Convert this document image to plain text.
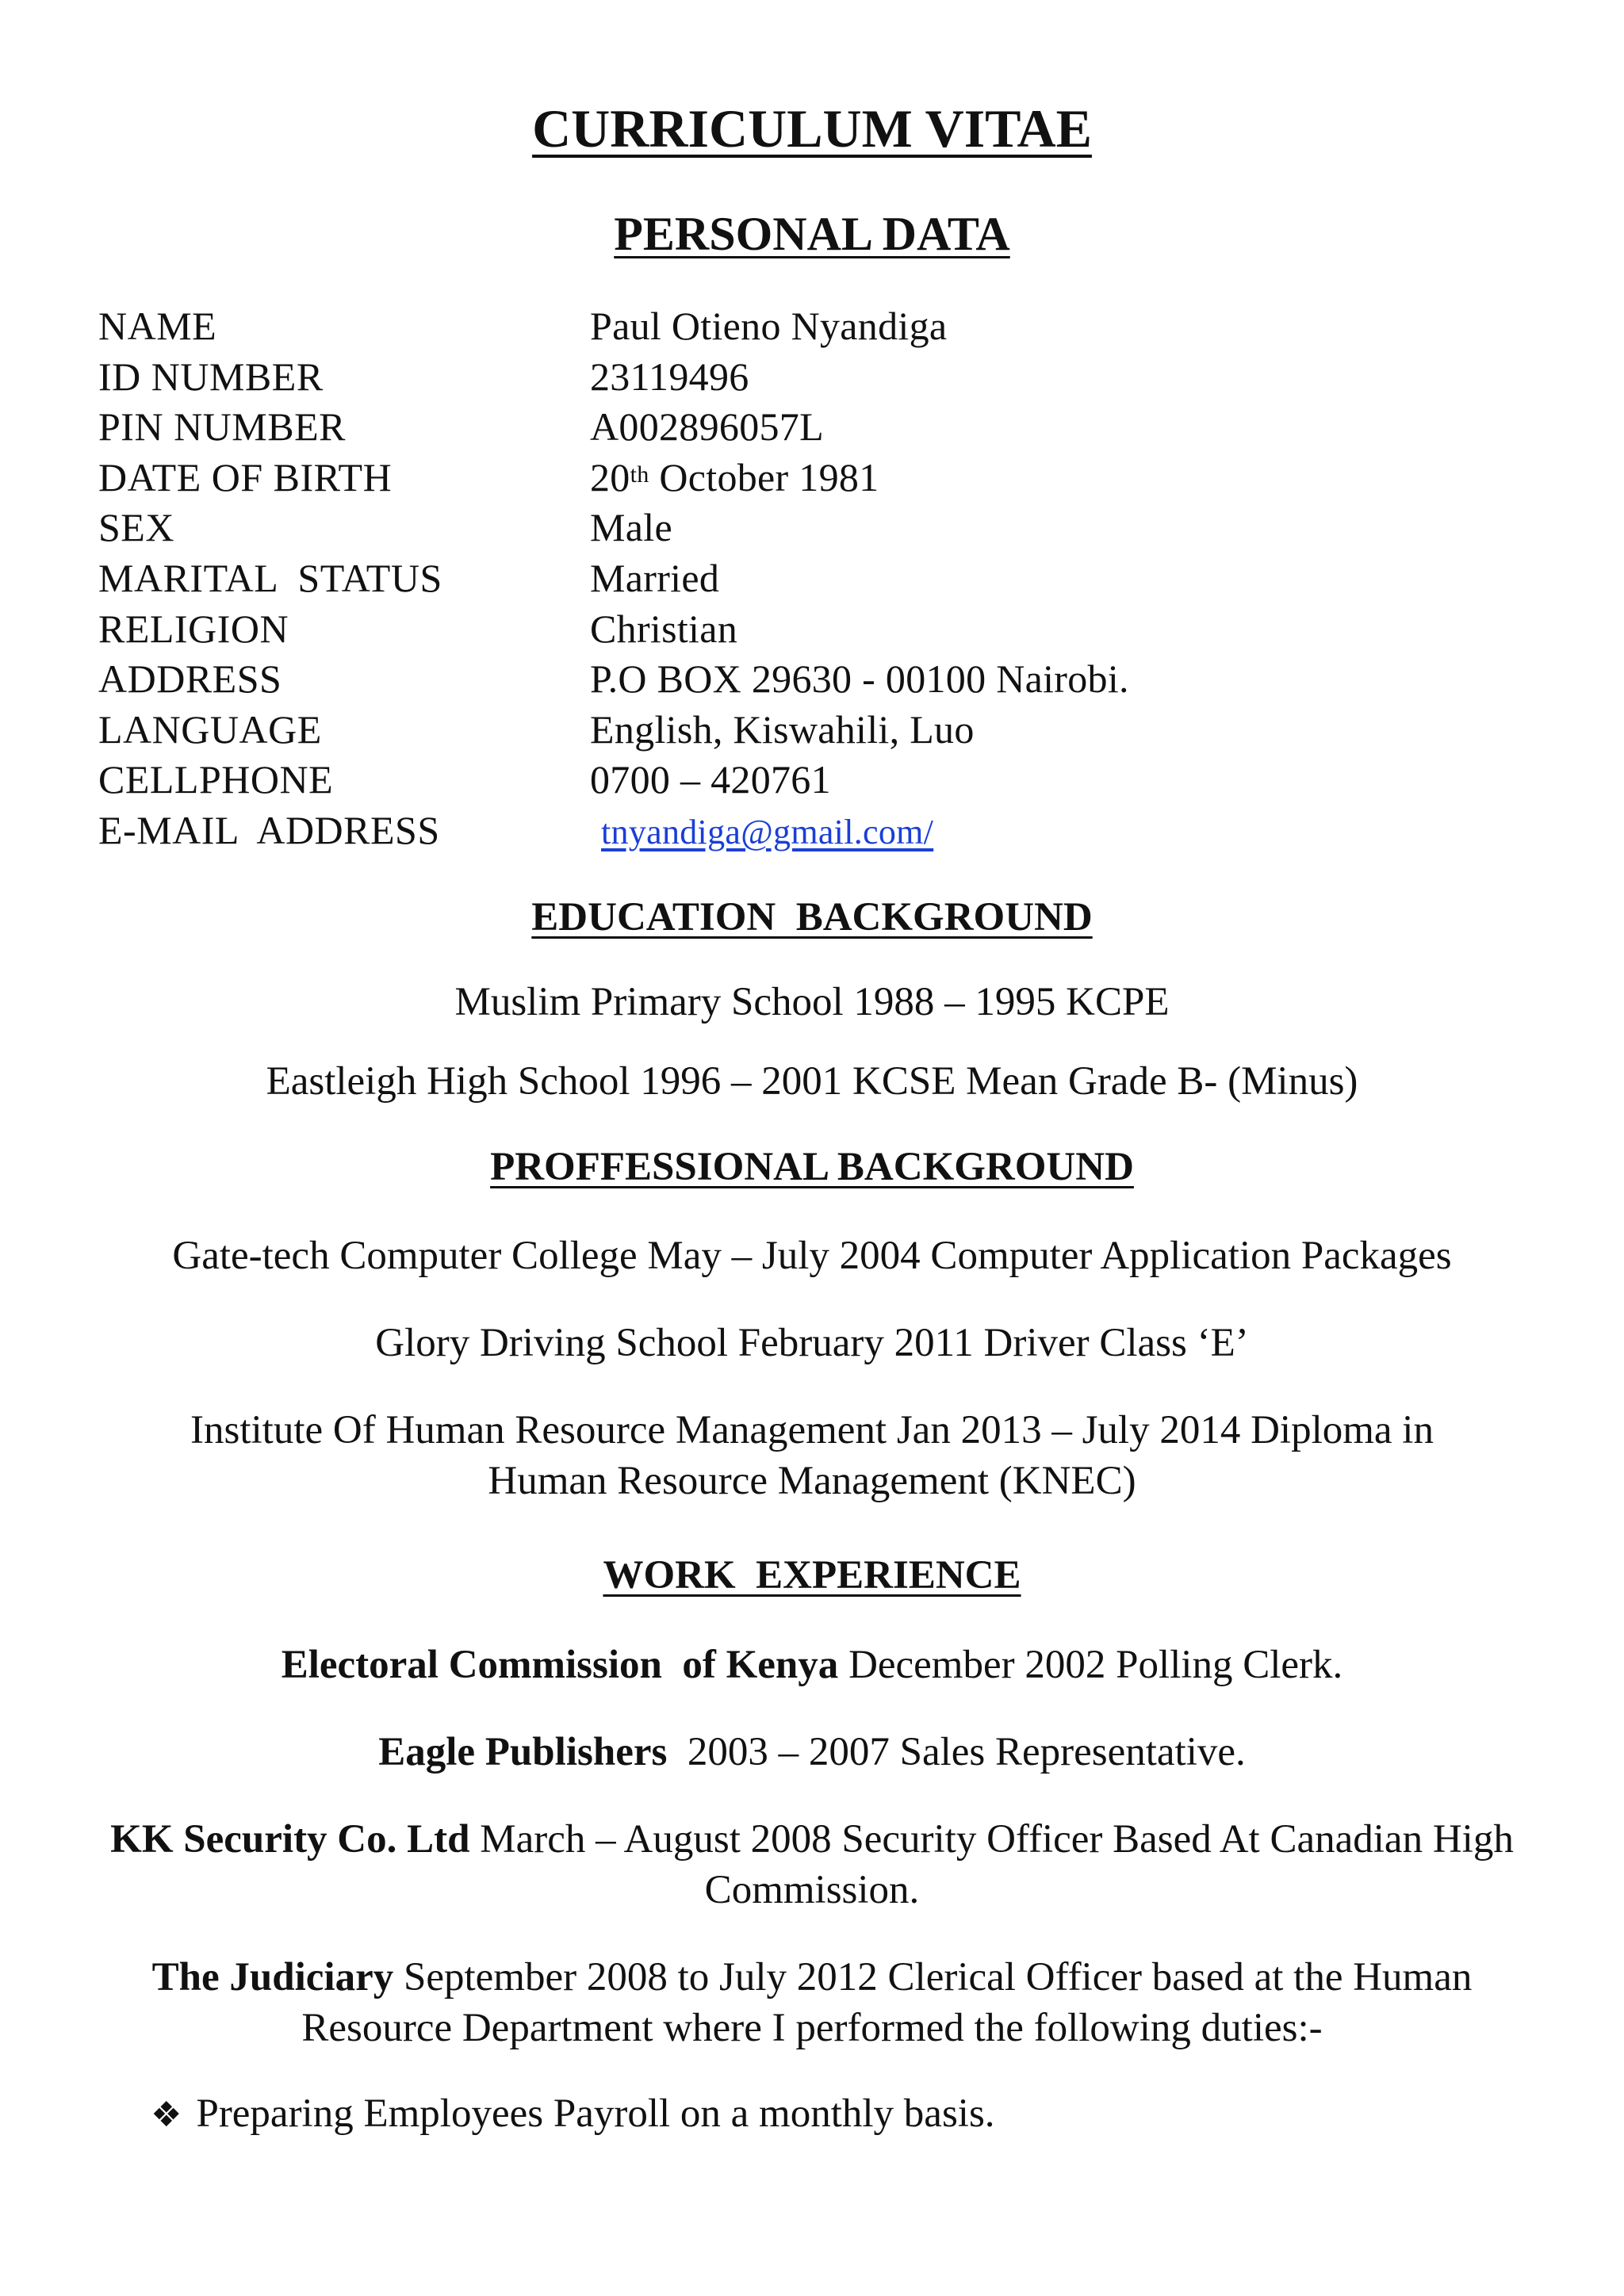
CURRICULUM VITAE
PERSONAL DATA
NAME	Paul Otieno Nyandiga
ID NUMBER	23119496
PIN NUMBER	A002896057L
DATE OF BIRTH	20th October 1981
SEX	Male
MARITAL  STATUS	Married
RELIGION	Christian
ADDRESS	P.O BOX 29630 - 00100 Nairobi.
LANGUAGE	English, Kiswahili, Luo
CELLPHONE	0700 – 420761
E-MAIL  ADDRESS	tnyandiga@gmail.com/
EDUCATION  BACKGROUND
Muslim Primary School 1988 – 1995 KCPE
Eastleigh High School 1996 – 2001 KCSE Mean Grade B- (Minus)
PROFFESSIONAL BACKGROUND
Gate-tech Computer College May – July 2004 Computer Application Packages
Glory Driving School February 2011 Driver Class ‘E’
Institute Of Human Resource Management Jan 2013 – July 2014 Diploma in Human Resource Management (KNEC)
WORK  EXPERIENCE
Electoral Commission  of Kenya December 2002 Polling Clerk.
Eagle Publishers  2003 – 2007 Sales Representative.
KK Security Co. Ltd March – August 2008 Security Officer Based At Canadian High Commission.
The Judiciary September 2008 to July 2012 Clerical Officer based at the Human Resource Department where I performed the following duties:-
❖ Preparing Employees Payroll on a monthly basis.
